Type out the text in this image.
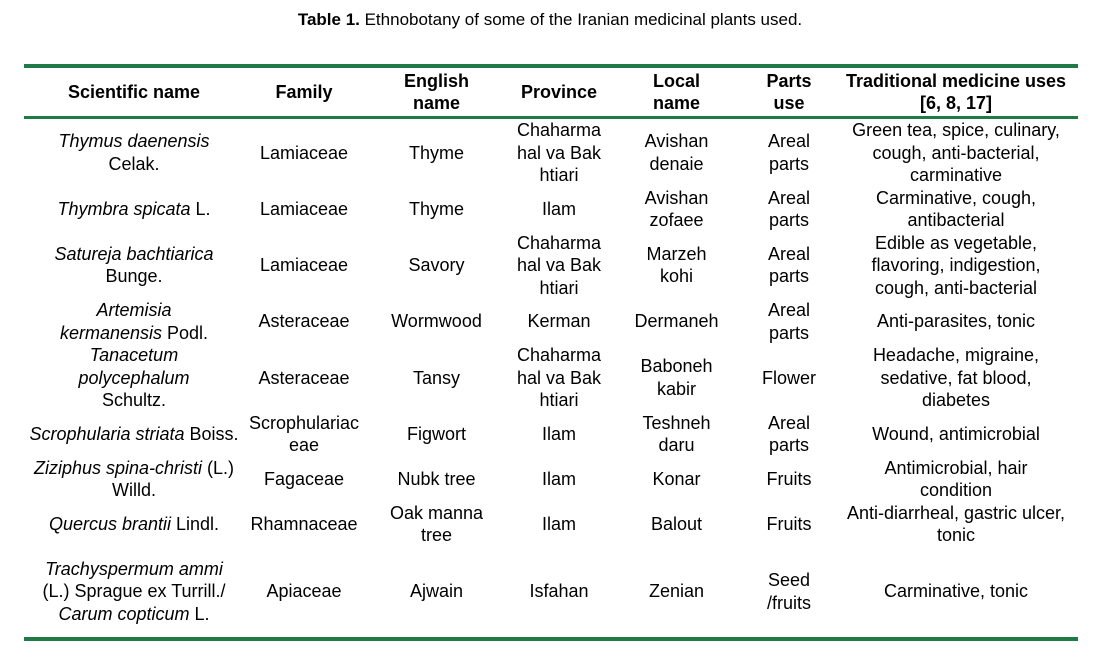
Table 1. Ethnobotany of some of the Iranian medicinal plants used.
Scientific name	Family	English name	Province	Local name	Parts use	Traditional medicine uses [6, 8, 17]
Thymus daenensis Celak.	Lamiaceae	Thyme	Chaharmahal va Bakhtiari	Avishan denaie	Areal parts	Green tea, spice, culinary, cough, anti-bacterial, carminative
Thymbra spicata L.	Lamiaceae	Thyme	Ilam	Avishan zofaee	Areal parts	Carminative, cough, antibacterial
Satureja bachtiarica Bunge.	Lamiaceae	Savory	Chaharmahal va Bakhtiari	Marzeh kohi	Areal parts	Edible as vegetable, flavoring, indigestion, cough, anti-bacterial
Artemisia kermanensis Podl.	Asteraceae	Wormwood	Kerman	Dermaneh	Areal parts	Anti-parasites, tonic
Tanacetum polycephalum Schultz.	Asteraceae	Tansy	Chaharmahal va Bakhtiari	Baboneh kabir	Flower	Headache, migraine, sedative, fat blood, diabetes
Scrophularia striata Boiss.	Scrophulariaceae	Figwort	Ilam	Teshneh daru	Areal parts	Wound, antimicrobial
Ziziphus spina-christi (L.) Willd.	Fagaceae	Nubk tree	Ilam	Konar	Fruits	Antimicrobial, hair condition
Quercus brantii Lindl.	Rhamnaceae	Oak manna tree	Ilam	Balout	Fruits	Anti-diarrheal, gastric ulcer, tonic
Trachyspermum ammi (L.) Sprague ex Turrill./ Carum copticum L.	Apiaceae	Ajwain	Isfahan	Zenian	Seed /fruits	Carminative, tonic
